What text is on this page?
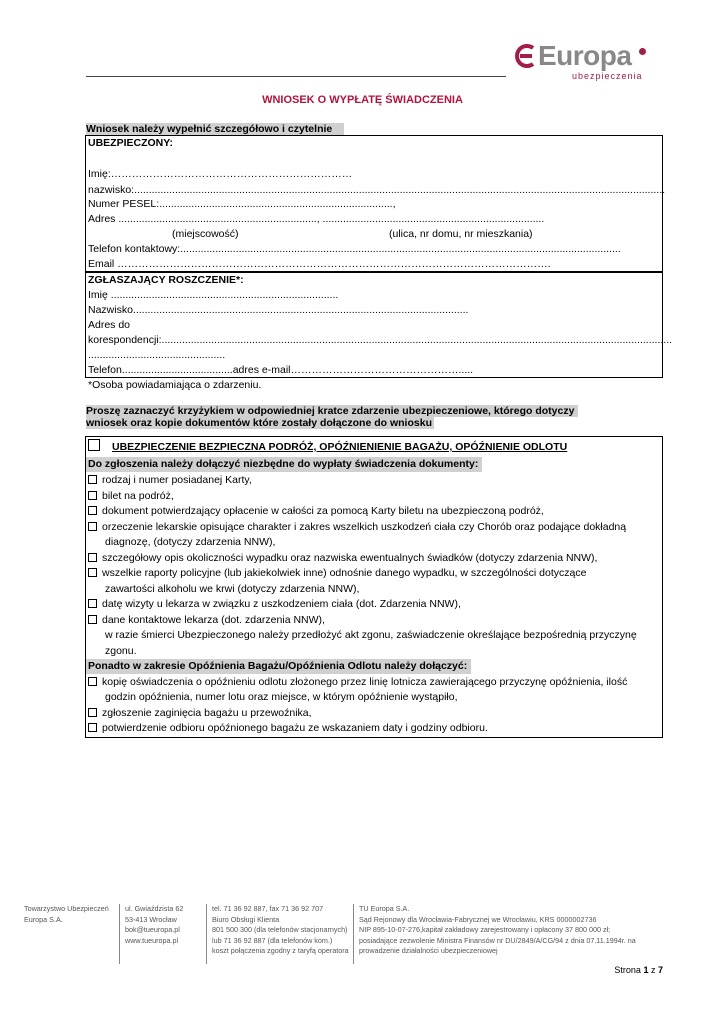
Europa
ubezpieczenia
WNIOSEK O WYPŁATĘ ŚWIADCZENIA
Wniosek należy wypełnić szczegółowo i czytelnie
UBEZPIECZONY:
Imię:……………………………………………………………
nazwisko:......................................................................................................................................................................................
Numer PESEL:................................................................................,
Adres ...................................................................., ............................................................................
(miejscowość)	(ulica, nr domu, nr mieszkania)
Telefon kontaktowy:.......................................................................................................................................................
Email …………………………………………………………………………………………………………….
ZGŁASZAJĄCY ROSZCZENIE*:
Imię ..............................................................................
Nazwisko...................................................................................................................
Adres do
korespondencji:...............................................................................................................................................................................
...............................................
Telefon......................................adres e-mail………………………………………….....
*Osoba powiadamiająca o zdarzeniu.
Proszę zaznaczyć krzyżykiem w odpowiedniej kratce zdarzenie ubezpieczeniowe, którego dotyczy
wniosek oraz kopie dokumentów które zostały dołączone do wniosku
UBEZPIECZENIE BEZPIECZNA PODRÓŻ, OPÓŹNIENIENIE BAGAŻU, OPÓŹNIENIE ODLOTU
Do zgłoszenia należy dołączyć niezbędne do wypłaty świadczenia dokumenty:
rodzaj i numer posiadanej Karty,
bilet na podróż,
dokument potwierdzający opłacenie w całości za pomocą Karty biletu na ubezpieczoną podróż,
orzeczenie lekarskie opisujące charakter i zakres wszelkich uszkodzeń ciała czy Chorób oraz podające dokładną
diagnozę, (dotyczy zdarzenia NNW),
szczegółowy opis okoliczności wypadku oraz nazwiska ewentualnych świadków (dotyczy zdarzenia NNW),
wszelkie raporty policyjne (lub jakiekolwiek inne) odnośnie danego wypadku, w szczególności dotyczące
zawartości alkoholu we krwi (dotyczy zdarzenia NNW),
datę wizyty u lekarza w związku z uszkodzeniem ciała (dot. Zdarzenia NNW),
dane kontaktowe lekarza (dot. zdarzenia NNW),
w razie śmierci Ubezpieczonego należy przedłożyć akt zgonu, zaświadczenie określające bezpośrednią przyczynę
zgonu.
Ponadto w zakresie Opóźnienia Bagażu/Opóźnienia Odlotu należy dołączyć:
kopię oświadczenia o opóźnieniu odlotu złożonego przez linię lotnicza zawierającego przyczynę opóźnienia, ilość
godzin opóźnienia, numer lotu oraz miejsce, w którym opóźnienie wystąpiło,
zgłoszenie zaginięcia bagażu u przewoźnika,
potwierdzenie odbioru opóźnionego bagażu ze wskazaniem daty i godziny odbioru.
Towarzystwo Ubezpieczeń
Europa S.A.
ul. Gwiaździsta 62
53-413 Wrocław
bok@tueuropa.pl
www.tueuropa.pl
tel. 71 36 92 887, fax 71 36 92 707
Biuro Obsługi Klienta
801 500 300 (dla telefonów stacjonarnych)
lub 71 36 92 887 (dla telefonów kom.)
koszt połączenia zgodny z taryfą operatora
TU Europa S.A.
Sąd Rejonowy dla Wrocławia-Fabrycznej we Wrocławiu, KRS 0000002736
NIP 895-10-07-276,kapitał zakładowy zarejestrowany i opłacony 37 800 000 zł;
posiadające zezwolenie Ministra Finansów nr DU/2849/A/CG/94 z dnia 07.11.1994r. na
prowadzenie działalności ubezpieczeniowej
Strona 1 z 7
